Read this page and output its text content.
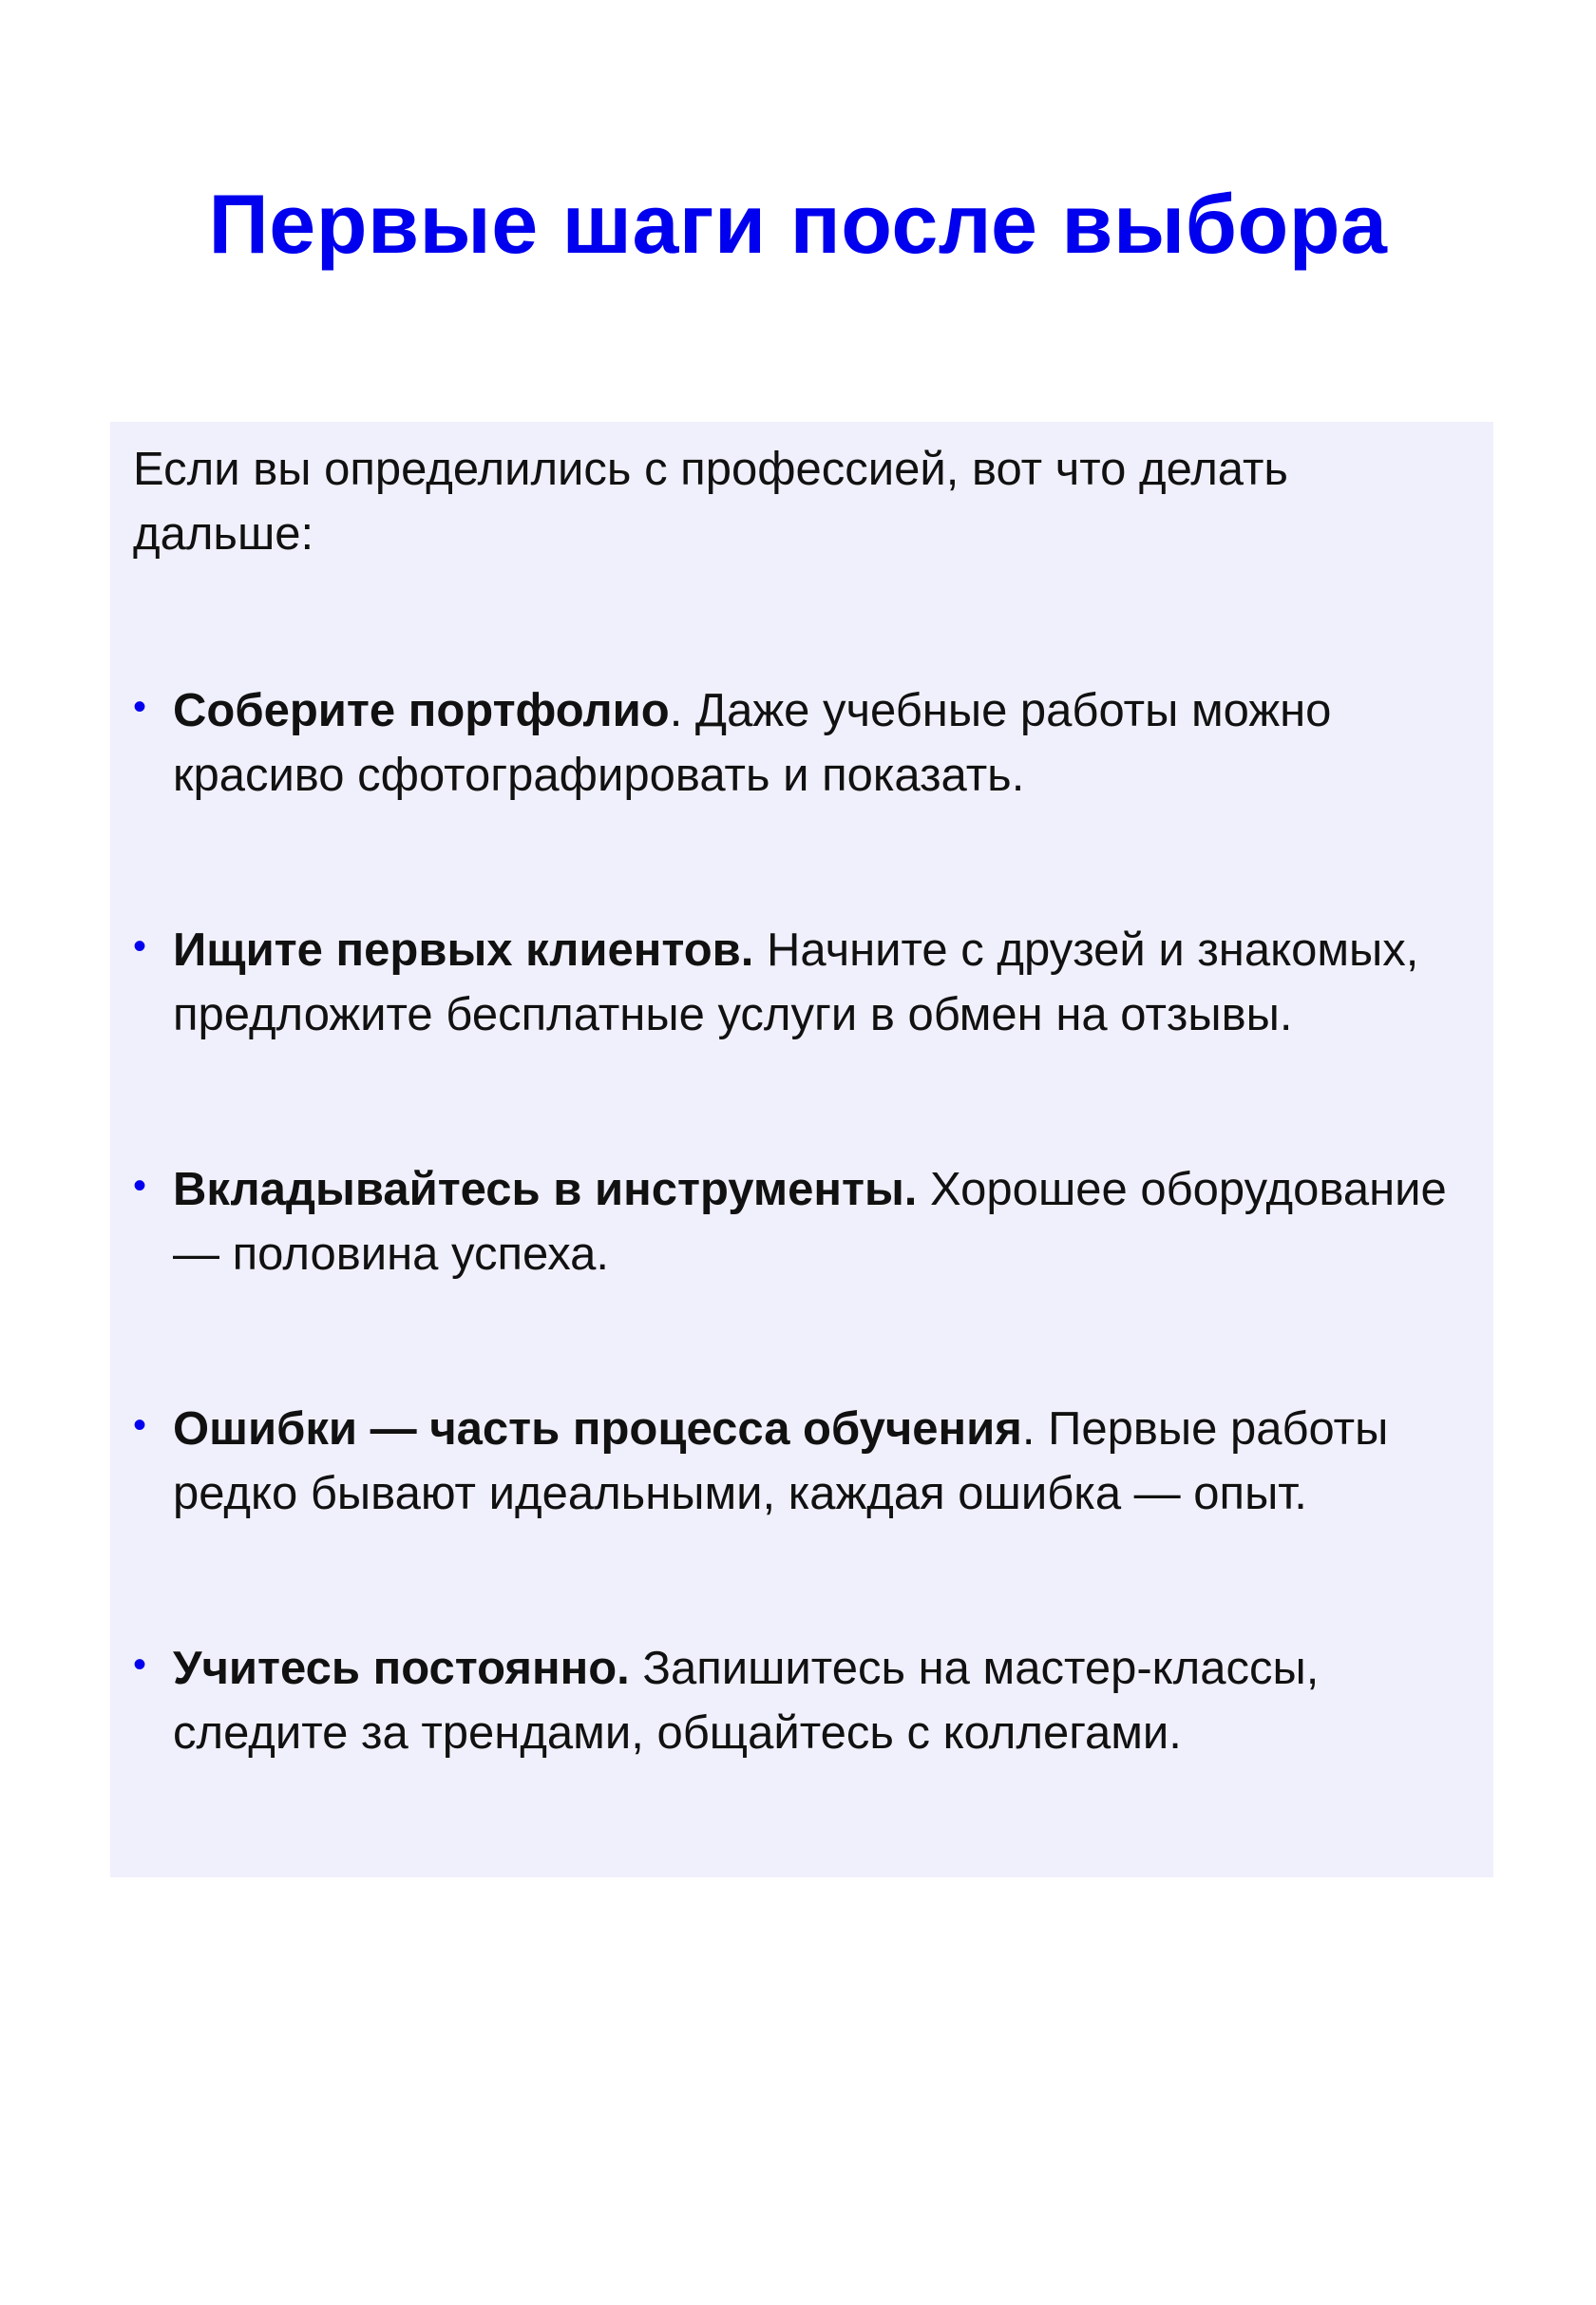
Первые шаги после выбора

Если вы определились с профессией, вот что делать дальше:

• Соберите портфолио. Даже учебные работы можно красиво сфотографировать и показать.
• Ищите первых клиентов. Начните с друзей и знакомых, предложите бесплатные услуги в обмен на отзывы.
• Вкладывайтесь в инструменты. Хорошее оборудование — половина успеха.
• Ошибки — часть процесса обучения. Первые работы редко бывают идеальными, каждая ошибка — опыт.
• Учитесь постоянно. Запишитесь на мастер-классы, следите за трендами, общайтесь с коллегами.
